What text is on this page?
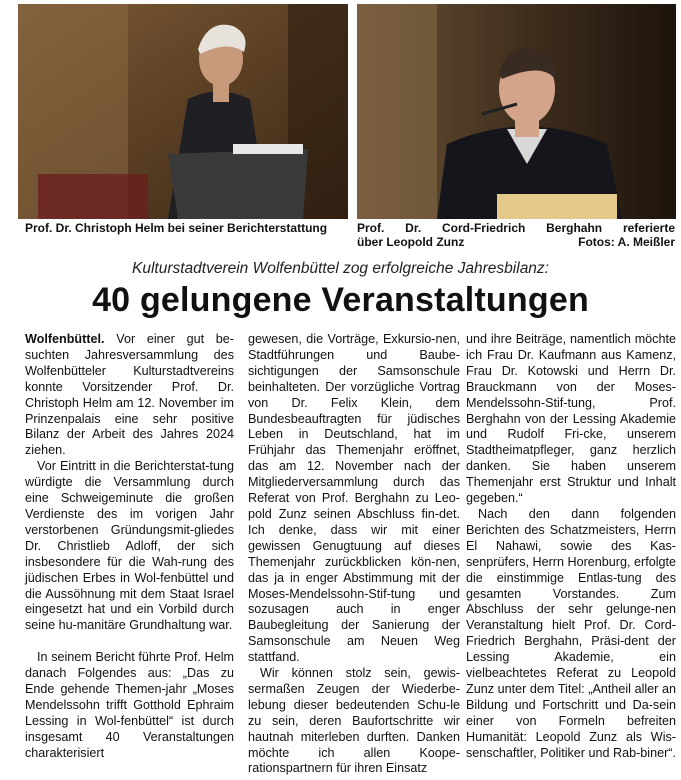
Prof. Dr. Christoph Helm bei seiner Berichterstattung	Prof. Dr. Cord-Friedrich Berghahn referierte
über Leopold Zunz	Fotos: A. Meißler
Kulturstadtverein Wolfenbüttel zog erfolgreiche Jahresbilanz:
40 gelungene Veranstaltungen

Wolfenbüttel. Vor einer gut be-suchten Jahresversammlung des Wolfenbütteler Kulturstadtvereins konnte Vorsitzender Prof. Dr. Christoph Helm am 12. November im Prinzenpalais eine sehr positive Bilanz der Arbeit des Jahres 2024 ziehen.

Vor Eintritt in die Berichterstat-tung würdigte die Versammlung durch eine Schweigeminute die großen Verdienste des im vorigen Jahr verstorbenen Gründungsmit-gliedes Dr. Christlieb Adloff, der sich insbesondere für die Wah-rung des jüdischen Erbes in Wol-fenbüttel und die Aussöhnung mit dem Staat Israel eingesetzt hat und ein Vorbild durch seine hu-manitäre Grundhaltung war.

In seinem Bericht führte Prof. Helm danach Folgendes aus: „Das zu Ende gehende Themen-jahr „Moses Mendelssohn trifft Gotthold Ephraim Lessing in Wol-fenbüttel“ ist durch insgesamt 40 Veranstaltungen charakterisiert

gewesen, die Vorträge, Exkursio-nen, Stadtführungen und Baube-sichtigungen der Samsonschule beinhalteten. Der vorzügliche Vortrag von Dr. Felix Klein, dem Bundesbeauftragten für jüdisches Leben in Deutschland, hat im Frühjahr das Themenjahr eröffnet, das am 12. November nach der Mitgliederversammlung durch das Referat von Prof. Berghahn zu Leo-pold Zunz seinen Abschluss fin-det. Ich denke, dass wir mit einer gewissen Genugtuung auf dieses Themenjahr zurückblicken kön-nen, das ja in enger Abstimmung mit der Moses-Mendelssohn-Stif-tung und sozusagen auch in enger Baubegleitung der Sanierung der Samsonschule am Neuen Weg stattfand.

Wir können stolz sein, gewis-sermaßen Zeugen der Wiederbe-lebung dieser bedeutenden Schu-le zu sein, deren Baufortschritte wir hautnah miterleben durften. Danken möchte ich allen Koope-rationspartnern für ihren Einsatz

und ihre Beiträge, namentlich möchte ich Frau Dr. Kaufmann aus Kamenz, Frau Dr. Kotowski und Herrn Dr. Brauckmann von der Moses-Mendelssohn-Stif-tung, Prof. Berghahn von der Lessing Akademie und Rudolf Fri-cke, unserem Stadtheimatpfleger, ganz herzlich danken. Sie haben unserem Themenjahr erst Struktur und Inhalt gegeben.“

Nach den dann folgenden Berichten des Schatzmeisters, Herrn El Nahawi, sowie des Kas-senprüfers, Herrn Horenburg, erfolgte die einstimmige Entlas-tung des gesamten Vorstandes. Zum Abschluss der sehr gelunge-nen Veranstaltung hielt Prof. Dr. Cord-Friedrich Berghahn, Präsi-dent der Lessing Akademie, ein vielbeachtetes Referat zu Leopold Zunz unter dem Titel: „Antheil aller an Bildung und Fortschritt und Da-sein einer von Formeln befreiten Humanität: Leopold Zunz als Wis-senschaftler, Politiker und Rab-biner“.
